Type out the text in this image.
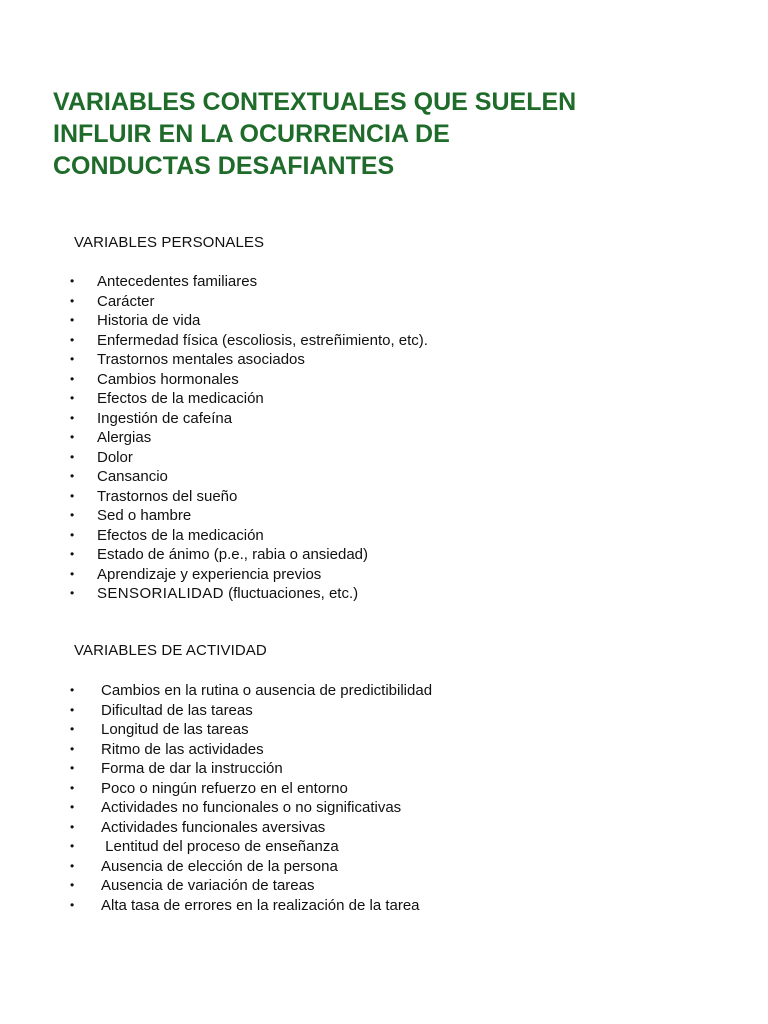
VARIABLES CONTEXTUALES QUE SUELEN
INFLUIR EN LA OCURRENCIA DE
CONDUCTAS DESAFIANTES
VARIABLES PERSONALES
• Antecedentes familiares
• Carácter
• Historia de vida
• Enfermedad física (escoliosis, estreñimiento, etc).
• Trastornos mentales asociados
• Cambios hormonales
• Efectos de la medicación
• Ingestión de cafeína
• Alergias
• Dolor
• Cansancio
• Trastornos del sueño
• Sed o hambre
• Efectos de la medicación
• Estado de ánimo (p.e., rabia o ansiedad)
• Aprendizaje y experiencia previos
• SENSORIALIDAD (fluctuaciones, etc.)
VARIABLES DE ACTIVIDAD
• Cambios en la rutina o ausencia de predictibilidad
• Dificultad de las tareas
• Longitud de las tareas
• Ritmo de las actividades
• Forma de dar la instrucción
• Poco o ningún refuerzo en el entorno
• Actividades no funcionales o no significativas
• Actividades funcionales aversivas
• Lentitud del proceso de enseñanza
• Ausencia de elección de la persona
• Ausencia de variación de tareas
• Alta tasa de errores en la realización de la tarea
